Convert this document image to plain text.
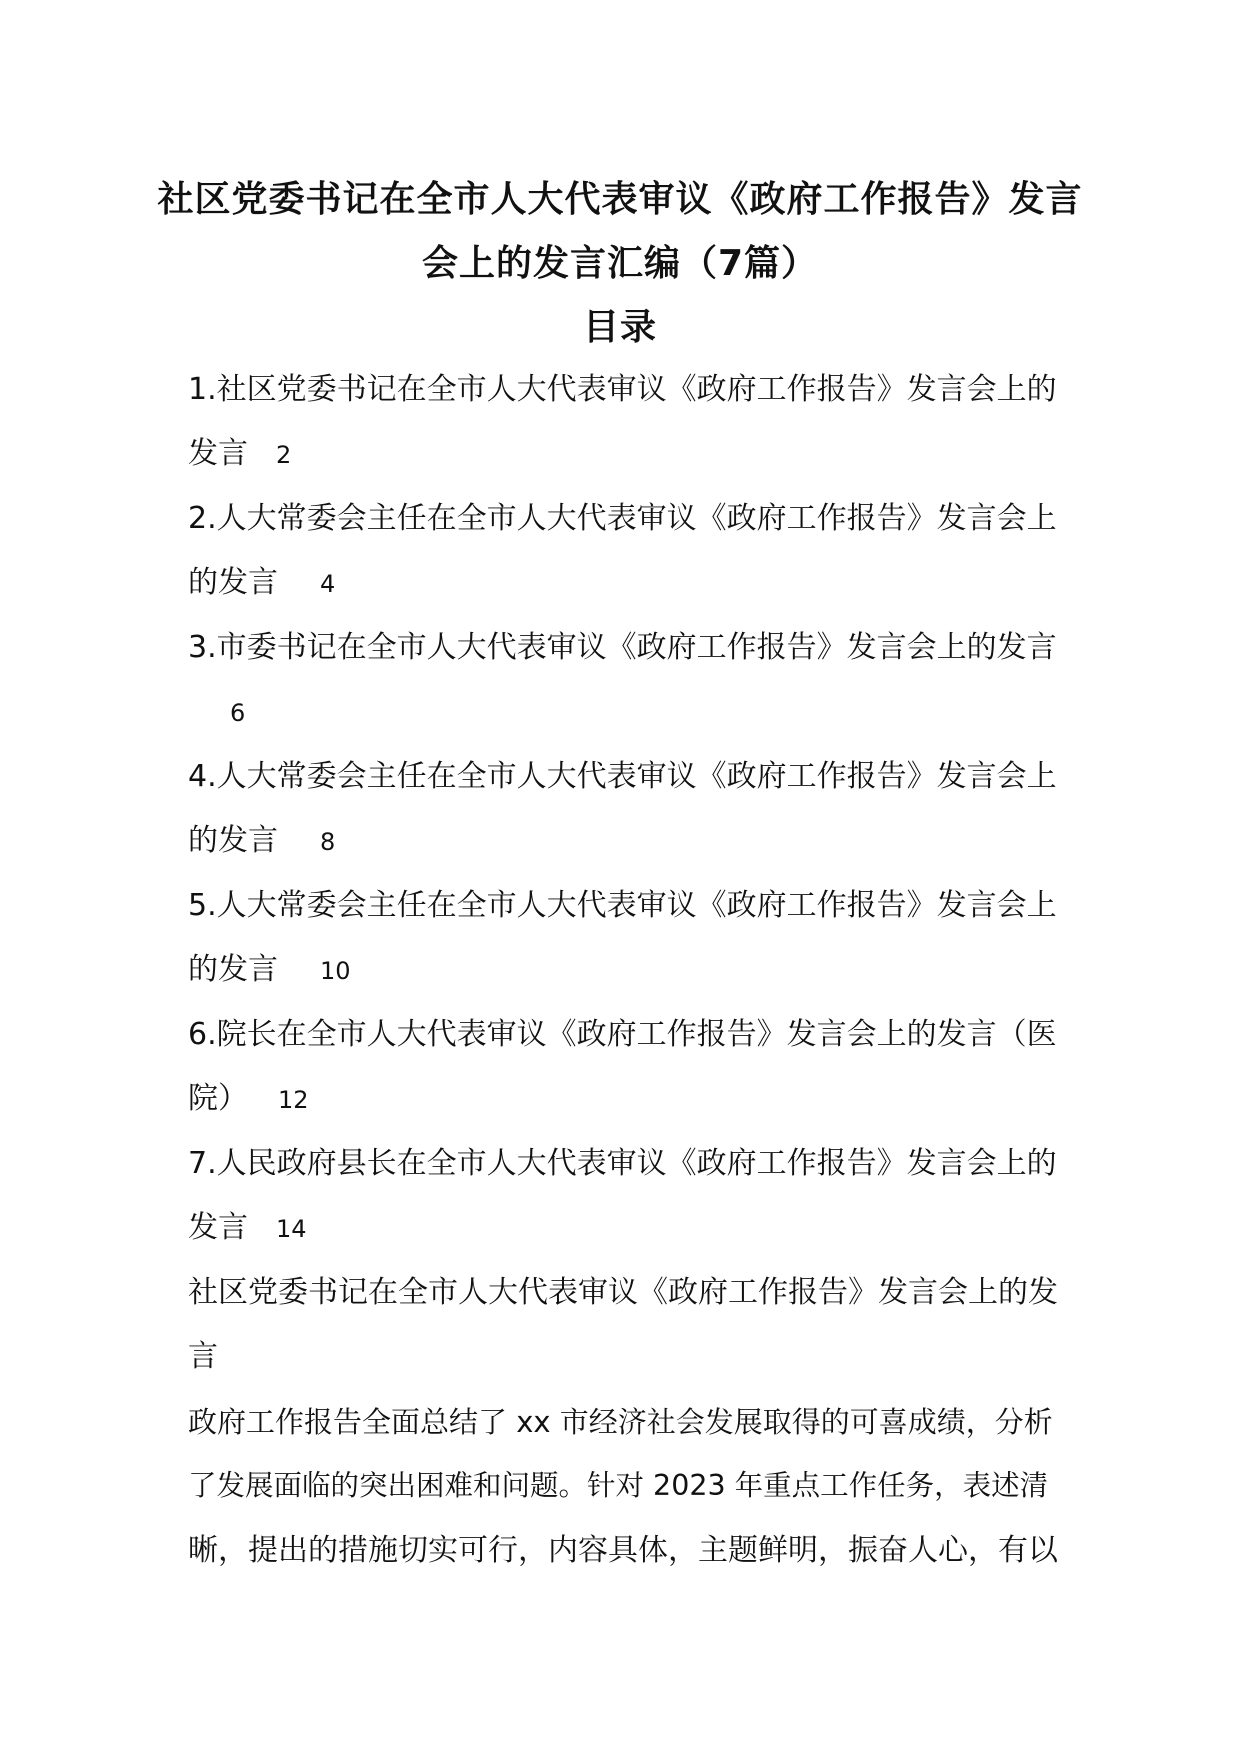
社区党委书记在全市人大代表审议《政府工作报告》发言
会上的发言汇编（7篇）
目录
1.社区党委书记在全市人大代表审议《政府工作报告》发言会上的
发言 2
2.人大常委会主任在全市人大代表审议《政府工作报告》发言会上
的发言 4
3.市委书记在全市人大代表审议《政府工作报告》发言会上的发言
6
4.人大常委会主任在全市人大代表审议《政府工作报告》发言会上
的发言 8
5.人大常委会主任在全市人大代表审议《政府工作报告》发言会上
的发言 10
6.院长在全市人大代表审议《政府工作报告》发言会上的发言（医
院） 12
7.人民政府县长在全市人大代表审议《政府工作报告》发言会上的
发言 14
社区党委书记在全市人大代表审议《政府工作报告》发言会上的发
言
政府工作报告全面总结了 xx 市经济社会发展取得的可喜成绩，分析
了发展面临的突出困难和问题。针对 2023 年重点工作任务，表述清
晰，提出的措施切实可行，内容具体，主题鲜明，振奋人心，有以
